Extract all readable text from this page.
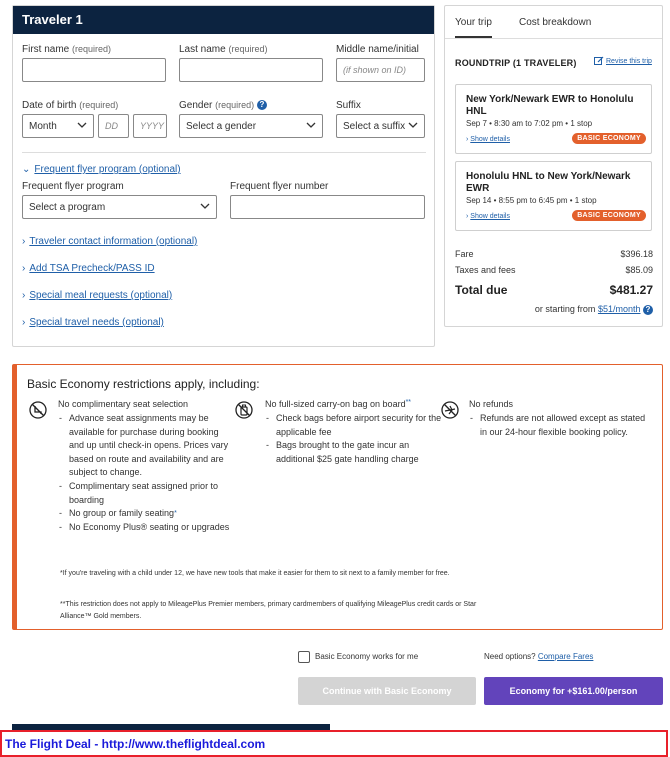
Traveler 1
First name (required)	Last name (required)	Middle name/initial
(if shown on ID)
Date of birth (required)
Month	DD YYYY
Gender (required) ?
Select a gender
Suffix
Select a suffix
⌄ Frequent flyer program (optional)
Frequent flyer program
Select a program
Frequent flyer number
› Traveler contact information (optional)
› Add TSA Precheck/PASS ID
› Special meal requests (optional)
› Special travel needs (optional)
Your trip	Cost breakdown
ROUNDTRIP (1 TRAVELER)	Revise this trip
New York/Newark EWR to Honolulu HNL
Sep 7 • 8:30 am to 7:02 pm • 1 stop
› Show details	BASIC ECONOMY
Honolulu HNL to New York/Newark EWR
Sep 14 • 8:55 pm to 6:45 pm • 1 stop
› Show details	BASIC ECONOMY
Fare	$396.18
Taxes and fees	$85.09
Total due	$481.27
or starting from $51/month ?
Basic Economy restrictions apply, including:
No complimentary seat selection
- Advance seat assignments may be available for purchase during booking and up until check-in opens. Prices vary based on route and availability and are subject to change.
- Complimentary seat assigned prior to boarding
- No group or family seating*
- No Economy Plus® seating or upgrades
No full-sized carry-on bag on board**
- Check bags before airport security for the applicable fee
- Bags brought to the gate incur an additional $25 gate handling charge
No refunds
- Refunds are not allowed except as stated in our 24-hour flexible booking policy.
*If you're traveling with a child under 12, we have new tools that make it easier for them to sit next to a family member for free.
**This restriction does not apply to MileagePlus Premier members, primary cardmembers of qualifying MileagePlus credit cards or Star Alliance™ Gold members.
Basic Economy works for me	Need options? Compare Fares
Continue with Basic Economy	Economy for +$161.00/person
The Flight Deal - http://www.theflightdeal.com
